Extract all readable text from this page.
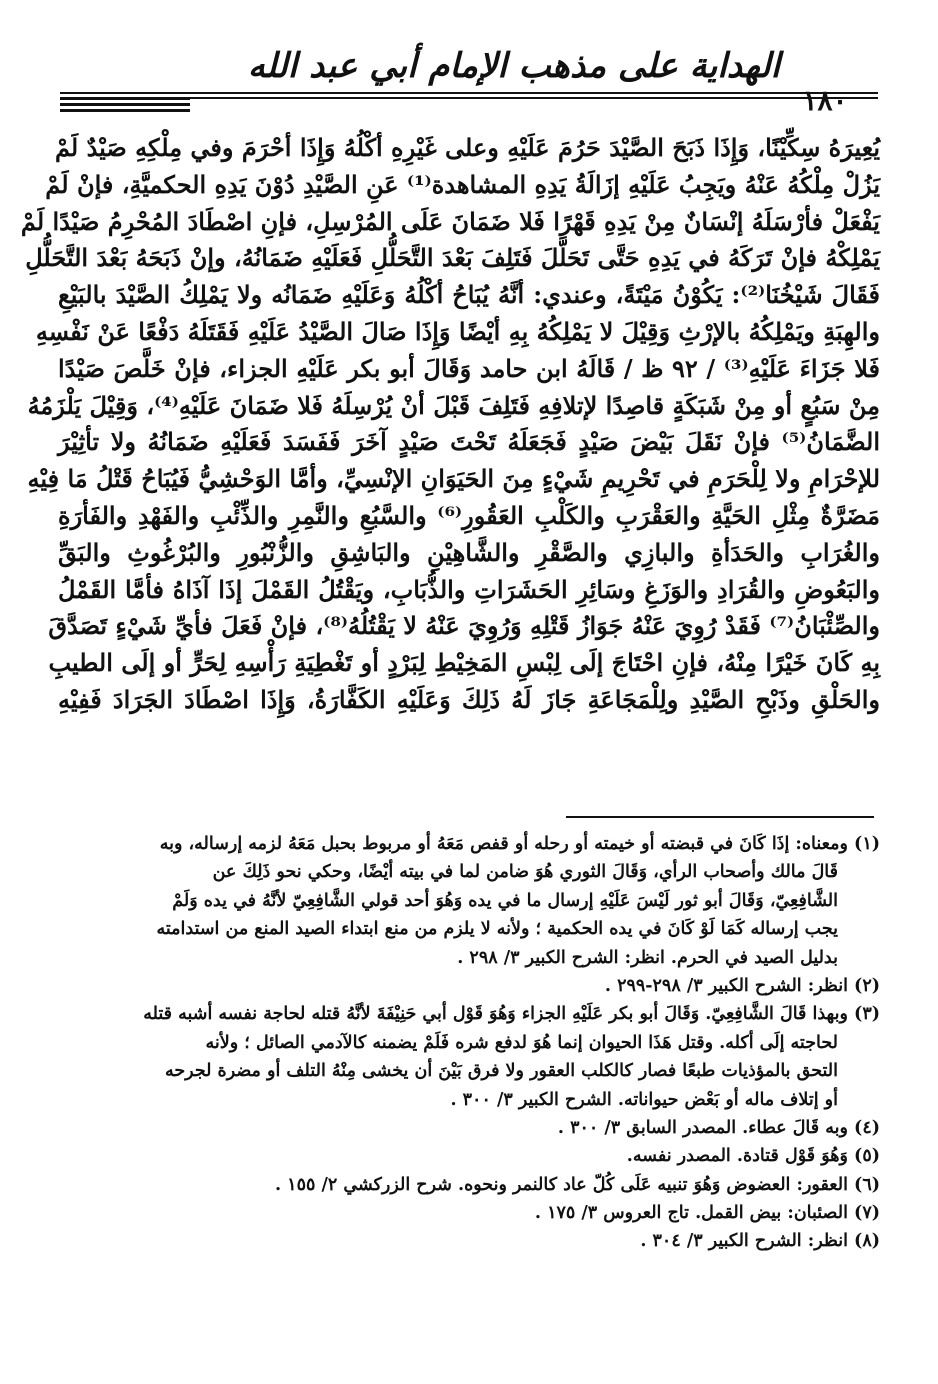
الهداية على مذهب الإمام أبي عبد الله
١٨٠
يُعِيرَهُ سِكِّيْنًا، وَإِذَا ذَبَحَ الصَّيْدَ حَرُمَ عَلَيْهِ وعلى غَيْرِهِ أكْلُهُ وَإِذَا أحْرَمَ وفي مِلْكِهِ صَيْدٌ لَمْ
يَزُلْ مِلْكُهُ عَنْهُ ويَجِبُ عَلَيْهِ إزَالَةُ يَدِهِ المشاهدة⁽¹⁾ عَنِ الصَّيْدِ دُوْنَ يَدِهِ الحكميَّةِ، فإنْ لَمْ
يَفْعَلْ فأرْسَلَهُ إنْسَانٌ مِنْ يَدِهِ قَهْرًا فَلا ضَمَانَ عَلَى المُرْسِلِ، فإنِ اصْطَادَ المُحْرِمُ صَيْدًا لَمْ
يَمْلِكْهُ فإنْ تَرَكَهُ في يَدِهِ حَتَّى تَحَلَّلَ فَتَلِفَ بَعْدَ التَّحَلُّلِ فَعَلَيْهِ ضَمَانُهُ، وإنْ ذَبَحَهُ بَعْدَ التَّحَلُّلِ
فَقَالَ شَيْخُنَا⁽²⁾: يَكُوْنُ مَيْتَةً، وعندي: أنَّهُ يُبَاحُ أكْلُهُ وَعَلَيْهِ ضَمَانُه ولا يَمْلِكُ الصَّيْدَ بالبَيْعِ
والهِبَةِ ويَمْلِكُهُ بالإرْثِ وَقِيْلَ لا يَمْلِكُهُ بِهِ أيْضًا وَإِذَا صَالَ الصَّيْدُ عَلَيْهِ فَقَتَلَهُ دَفْعًا عَنْ نَفْسِهِ
فَلا جَزَاءَ عَلَيْهِ⁽³⁾ / ٩٢ ظ / قَالَهُ ابن حامد وَقَالَ أبو بكر عَلَيْهِ الجزاء، فإنْ خَلَّصَ صَيْدًا
مِنْ سَبُعٍ أو مِنْ شَبَكَةٍ قاصِدًا لإتلافِهِ فَتَلِفَ قَبْلَ أنْ يُرْسِلَهُ فَلا ضَمَانَ عَلَيْهِ⁽⁴⁾، وَقِيْلَ يَلْزَمُهُ
الضَّمَانُ⁽⁵⁾ فإنْ نَقَلَ بَيْضَ صَيْدٍ فَجَعَلَهُ تَحْتَ صَيْدٍ آخَرَ فَفَسَدَ فَعَلَيْهِ ضَمَانُهُ ولا تأثِيْرَ
للإحْرَامِ ولا لِلْحَرَمِ في تَحْرِيمِ شَيْءٍ مِنَ الحَيَوَانِ الإنْسِيِّ، وأمَّا الوَحْشِيُّ فَيُبَاحُ قَتْلُ مَا فِيْهِ
مَضَرَّةٌ مِثْلِ الحَيَّةِ والعَقْرَبِ والكَلْبِ العَقُورِ⁽⁶⁾ والسَّبُعِ والنَّمِرِ والذِّئْبِ والفَهْدِ والفَأرَةِ
والغُرَابِ والحَدَأةِ والبازِي والصَّقْرِ والشَّاهِيْنِ والبَاشِقِ والزُّنْبُورِ والبُرْغُوثِ والبَقِّ
والبَعُوضِ والقُرَادِ والوَزَغِ وسَائِرِ الحَشَرَاتِ والذُّبَابِ، ويَقْتُلُ القَمْلَ إذَا آذَاهُ فأمَّا القَمْلُ
والصِّئْبَانُ⁽⁷⁾ فَقَدْ رُوِيَ عَنْهُ جَوَازُ قَتْلِهِ وَرُوِيَ عَنْهُ لا يَقْتُلُهُ⁽⁸⁾، فإنْ فَعَلَ فأيِّ شَيْءٍ تَصَدَّقَ
بِهِ كَانَ خَيْرًا مِنْهُ، فإنِ احْتَاجَ إلَى لِبْسِ المَخِيْطِ لِبَرْدٍ أو تَغْطِيَةِ رَأْسِهِ لِحَرٍّ أو إلَى الطيبِ
والحَلْقِ وذَبْحِ الصَّيْدِ ولِلْمَجَاعَةِ جَازَ لَهُ ذَلِكَ وَعَلَيْهِ الكَفَّارَةُ، وَإِذَا اصْطَادَ الجَرَادَ فَفِيْهِ
(١) ومعناه: إذَا كَانَ في قبضته أو خيمته أو رحله أو قفص مَعَهُ أو مربوط بحبل مَعَهُ لزمه إرساله، وبه
قَالَ مالك وأصحاب الرأي، وَقَالَ الثوري هُوَ ضامن لما في بيته أيْضًا، وحكي نحو ذَلِكَ عن
الشَّافِعِيّ، وَقَالَ أبو ثور لَيْسَ عَلَيْهِ إرسال ما في يده وَهُوَ أحد قولي الشَّافِعِيّ لأنَّهُ في يده وَلَمْ
يجب إرساله كَمَا لَوْ كَانَ في يده الحكمية ؛ ولأنه لا يلزم من منع ابتداء الصيد المنع من استدامته
بدليل الصيد في الحرم. انظر: الشرح الكبير ٣/ ٢٩٨ .
(٢) انظر: الشرح الكبير ٣/ ٢٩٨-٢٩٩ .
(٣) وبهذا قَالَ الشَّافِعِيّ. وَقَالَ أبو بكر عَلَيْهِ الجزاء وَهُوَ قَوْل أبي حَنِيْفَةَ لأنَّهُ قتله لحاجة نفسه أشبه قتله
لحاجته إلَى أكله. وقتل هَذَا الحيوان إنما هُوَ لدفع شره فَلَمْ يضمنه كالآدمي الصائل ؛ ولأنه
التحق بالمؤذيات طبعًا فصار كالكلب العقور ولا فرق بَيْنَ أن يخشى مِنْهُ التلف أو مضرة لجرحه
أو إتلاف ماله أو بَعْض حيواناته. الشرح الكبير ٣/ ٣٠٠ .
(٤) وبه قَالَ عطاء. المصدر السابق ٣/ ٣٠٠ .
(٥) وَهُوَ قَوْل قتادة. المصدر نفسه.
(٦) العقور: العضوض وَهُوَ تنبيه عَلَى كُلّ عاد كالنمر ونحوه. شرح الزركشي ٢/ ١٥٥ .
(٧) الصئبان: بيض القمل. تاج العروس ٣/ ١٧٥ .
(٨) انظر: الشرح الكبير ٣/ ٣٠٤ .
